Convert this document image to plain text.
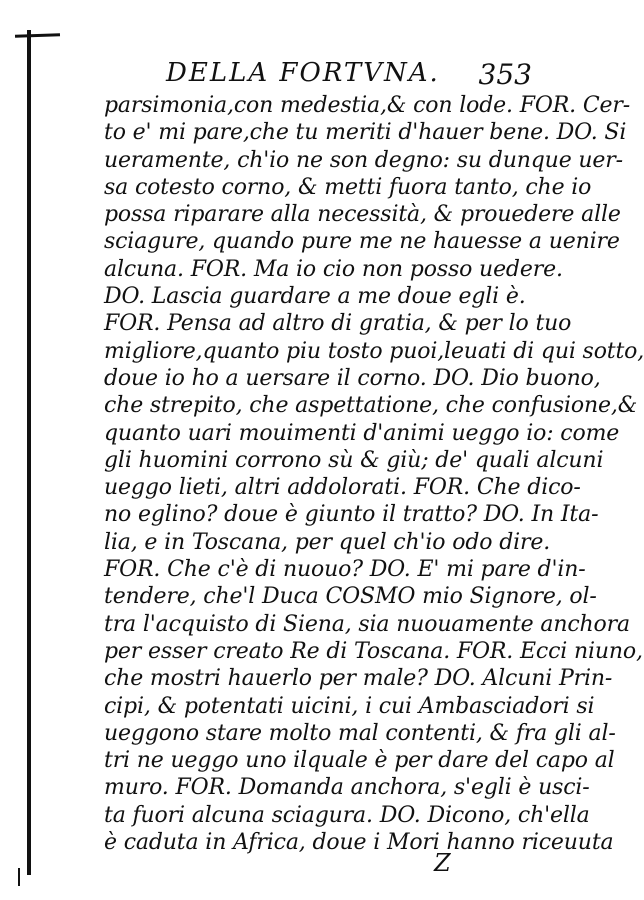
DELLA FORTVNA. 353
parsimonia,con medestia,& con lode. FOR. Cer-
to e' mi pare,che tu meriti d'hauer bene. DO. Si
ueramente, ch'io ne son degno: su dunque uer-
sa cotesto corno, & metti fuora tanto, che io
possa riparare alla necessità, & prouedere alle
sciagure, quando pure me ne hauesse a uenire
alcuna. FOR. Ma io cio non posso uedere.
DO. Lascia guardare a me doue egli è.
FOR. Pensa ad altro di gratia, & per lo tuo
migliore,quanto piu tosto puoi,leuati di qui sotto,
doue io ho a uersare il corno. DO. Dio buono,
che strepito, che aspettatione, che confusione,&
quanto uari mouimenti d'animi ueggo io: come
gli huomini corrono sù & giù; de' quali alcuni
ueggo lieti, altri addolorati. FOR. Che dico-
no eglino? doue è giunto il tratto? DO. In Ita-
lia, e in Toscana, per quel ch'io odo dire.
FOR. Che c'è di nuouo? DO. E' mi pare d'in-
tendere, che'l Duca COSMO mio Signore, ol-
tra l'acquisto di Siena, sia nuouamente anchora
per esser creato Re di Toscana. FOR. Ecci niuno,
che mostri hauerlo per male? DO. Alcuni Prin-
cipi, & potentati uicini, i cui Ambasciadori si
ueggono stare molto mal contenti, & fra gli al-
tri ne ueggo uno ilquale è per dare del capo al
muro. FOR. Domanda anchora, s'egli è usci-
ta fuori alcuna sciagura. DO. Dicono, ch'ella
è caduta in Africa, doue i Mori hanno riceuuta
Z
